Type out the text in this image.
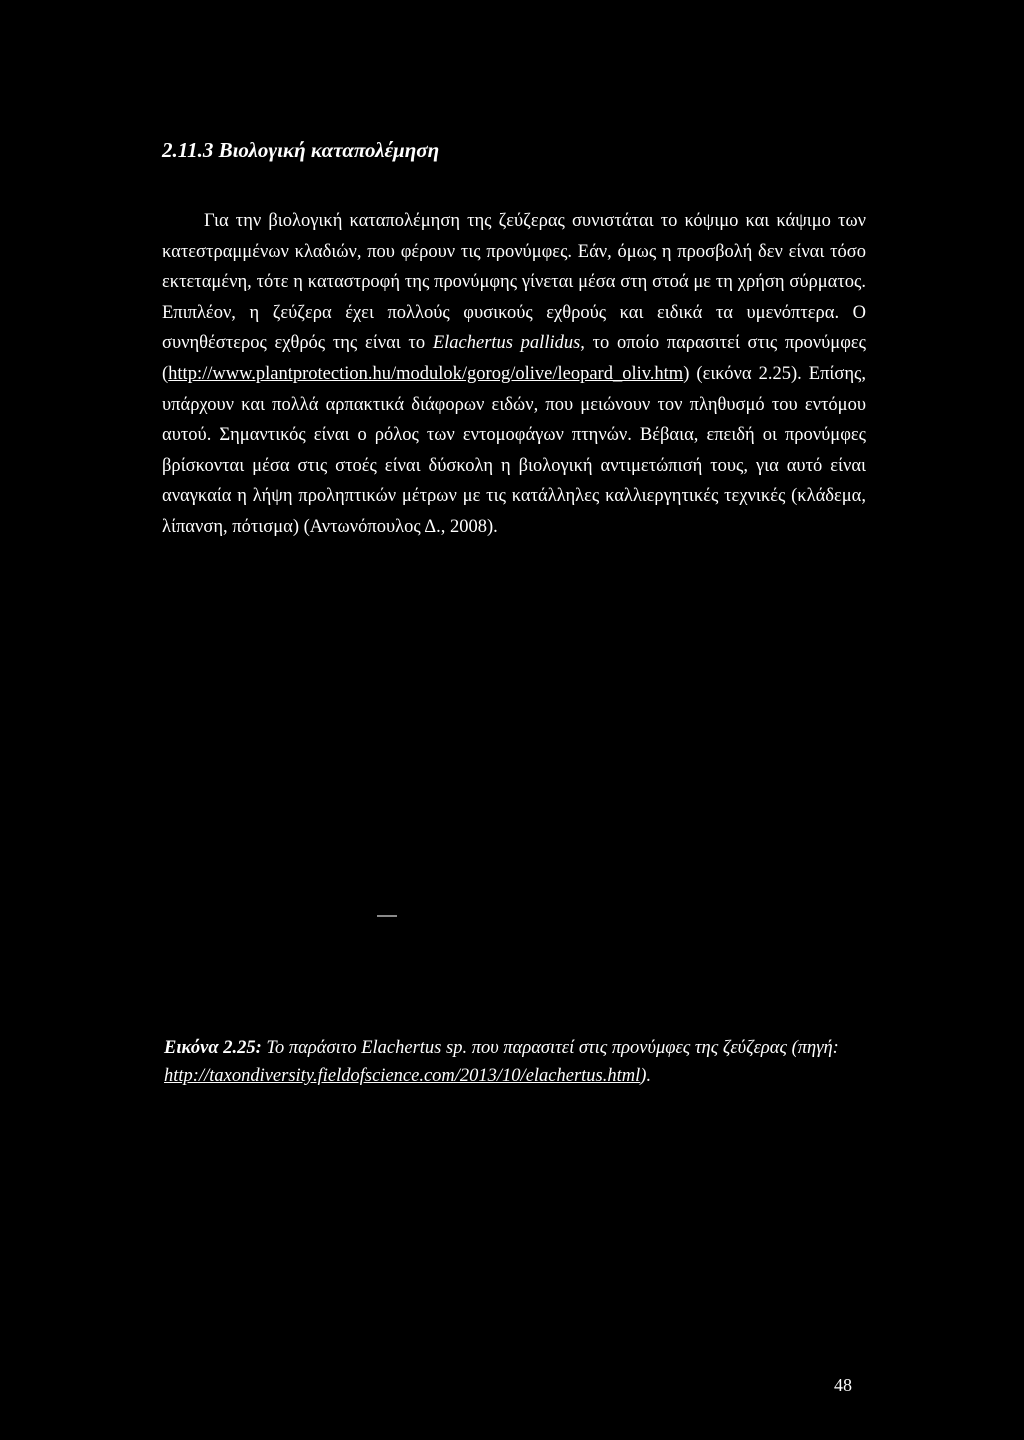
2.11.3 Βιολογική καταπολέμηση

Για την βιολογική καταπολέμηση της ζεύζερας συνιστάται το κόψιμο και κάψιμο των κατεστραμμένων κλαδιών, που φέρουν τις προνύμφες. Εάν, όμως η προσβολή δεν είναι τόσο εκτεταμένη, τότε η καταστροφή της προνύμφης γίνεται μέσα στη στοά με τη χρήση σύρματος. Επιπλέον, η ζεύζερα έχει πολλούς φυσικούς εχθρούς και ειδικά τα υμενόπτερα. Ο συνηθέστερος εχθρός της είναι το Elachertus pallidus, το οποίο παρασιτεί στις προνύμφες (http://www.plantprotection.hu/modulok/gorog/olive/leopard_oliv.htm) (εικόνα 2.25). Επίσης, υπάρχουν και πολλά αρπακτικά διάφορων ειδών, που μειώνουν τον πληθυσμό του εντόμου αυτού. Σημαντικός είναι ο ρόλος των εντομοφάγων πτηνών. Βέβαια, επειδή οι προνύμφες βρίσκονται μέσα στις στοές είναι δύσκολη η βιολογική αντιμετώπισή τους, για αυτό είναι αναγκαία η λήψη προληπτικών μέτρων με τις κατάλληλες καλλιεργητικές τεχνικές (κλάδεμα, λίπανση, πότισμα) (Αντωνόπουλος Δ., 2008).

Εικόνα 2.25: Το παράσιτο Elachertus sp. που παρασιτεί στις προνύμφες της ζεύζερας (πηγή: http://taxondiversity.fieldofscience.com/2013/10/elachertus.html).

48
